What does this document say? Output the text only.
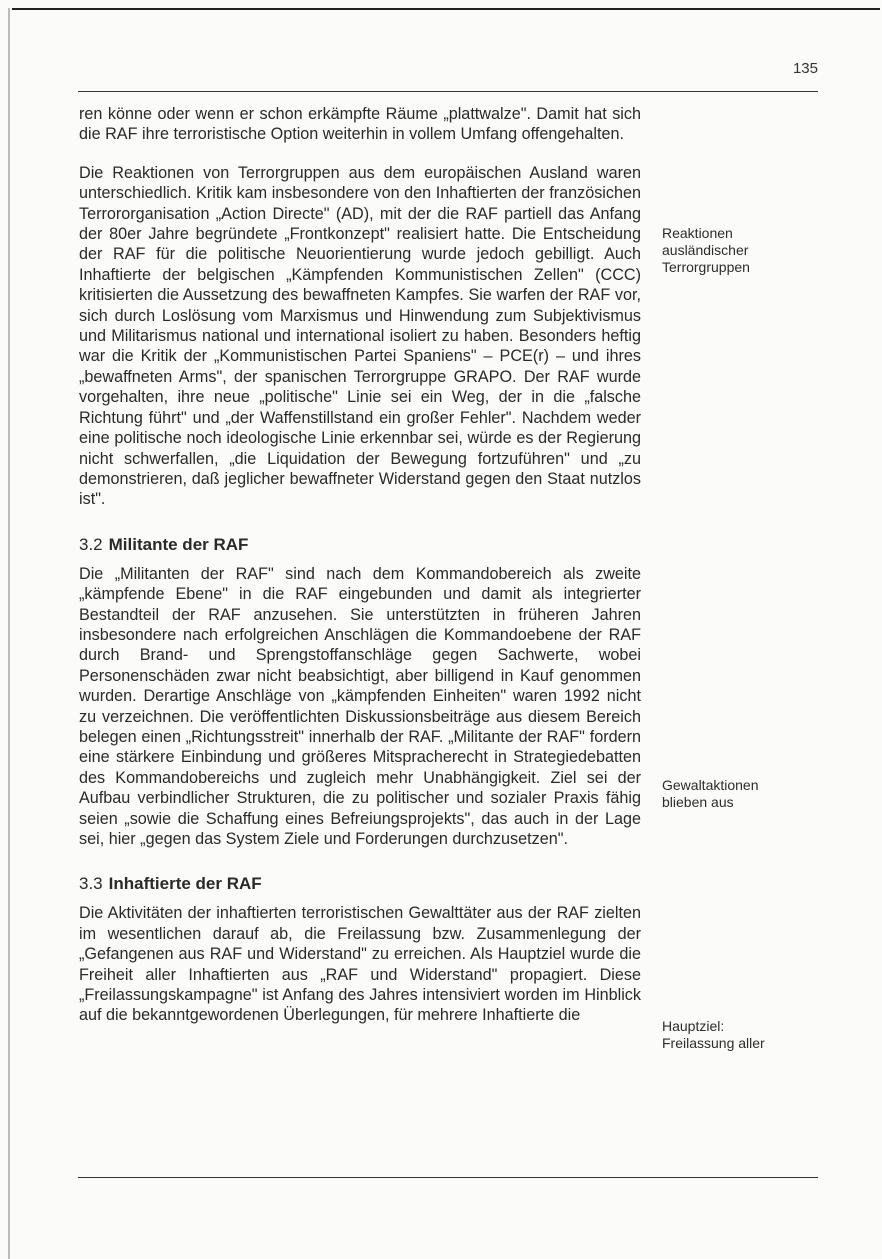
135

ren könne oder wenn er schon erkämpfte Räume „plattwalze". Damit hat sich die RAF ihre terroristische Option weiterhin in vollem Umfang offengehalten.

Die Reaktionen von Terrorgruppen aus dem europäischen Ausland waren unterschiedlich. Kritik kam insbesondere von den Inhaftierten der französichen Terrororganisation „Action Directe" (AD), mit der die RAF partiell das Anfang der 80er Jahre begründete „Frontkonzept" realisiert hatte. Die Entscheidung der RAF für die politische Neuorientierung wurde jedoch gebilligt. Auch Inhaftierte der belgischen „Kämpfenden Kommunistischen Zellen" (CCC) kritisierten die Aussetzung des bewaffneten Kampfes. Sie warfen der RAF vor, sich durch Loslösung vom Marxismus und Hinwendung zum Subjektivismus und Militarismus national und international isoliert zu haben. Besonders heftig war die Kritik der „Kommunistischen Partei Spaniens" – PCE(r) – und ihres „bewaffneten Arms", der spanischen Terrorgruppe GRAPO. Der RAF wurde vorgehalten, ihre neue „politische" Linie sei ein Weg, der in die „falsche Richtung führt" und „der Waffenstillstand ein großer Fehler". Nachdem weder eine politische noch ideologische Linie erkennbar sei, würde es der Regierung nicht schwerfallen, „die Liquidation der Bewegung fortzuführen" und „zu demonstrieren, daß jeglicher bewaffneter Widerstand gegen den Staat nutzlos ist".

3.2 Militante der RAF

Die „Militanten der RAF" sind nach dem Kommandobereich als zweite „kämpfende Ebene" in die RAF eingebunden und damit als integrierter Bestandteil der RAF anzusehen. Sie unterstützten in früheren Jahren insbesondere nach erfolgreichen Anschlägen die Kommandoebene der RAF durch Brand- und Sprengstoffanschläge gegen Sachwerte, wobei Personenschäden zwar nicht beabsichtigt, aber billigend in Kauf genommen wurden. Derartige Anschläge von „kämpfenden Einheiten" waren 1992 nicht zu verzeichnen. Die veröffentlichten Diskussionsbeiträge aus diesem Bereich belegen einen „Richtungsstreit" innerhalb der RAF. „Militante der RAF" fordern eine stärkere Einbindung und größeres Mitspracherecht in Strategiedebatten des Kommandobereichs und zugleich mehr Unabhängigkeit. Ziel sei der Aufbau verbindlicher Strukturen, die zu politischer und sozialer Praxis fähig seien „sowie die Schaffung eines Befreiungsprojekts", das auch in der Lage sei, hier „gegen das System Ziele und Forderungen durchzusetzen".

3.3 Inhaftierte der RAF

Die Aktivitäten der inhaftierten terroristischen Gewalttäter aus der RAF zielten im wesentlichen darauf ab, die Freilassung bzw. Zusammenlegung der „Gefangenen aus RAF und Widerstand" zu erreichen. Als Hauptziel wurde die Freiheit aller Inhaftierten aus „RAF und Widerstand" propagiert. Diese „Freilassungskampagne" ist Anfang des Jahres intensiviert worden im Hinblick auf die bekanntgewordenen Überlegungen, für mehrere Inhaftierte die

Reaktionen
ausländischer
Terrorgruppen
Gewaltaktionen
blieben aus
Hauptziel:
Freilassung aller
